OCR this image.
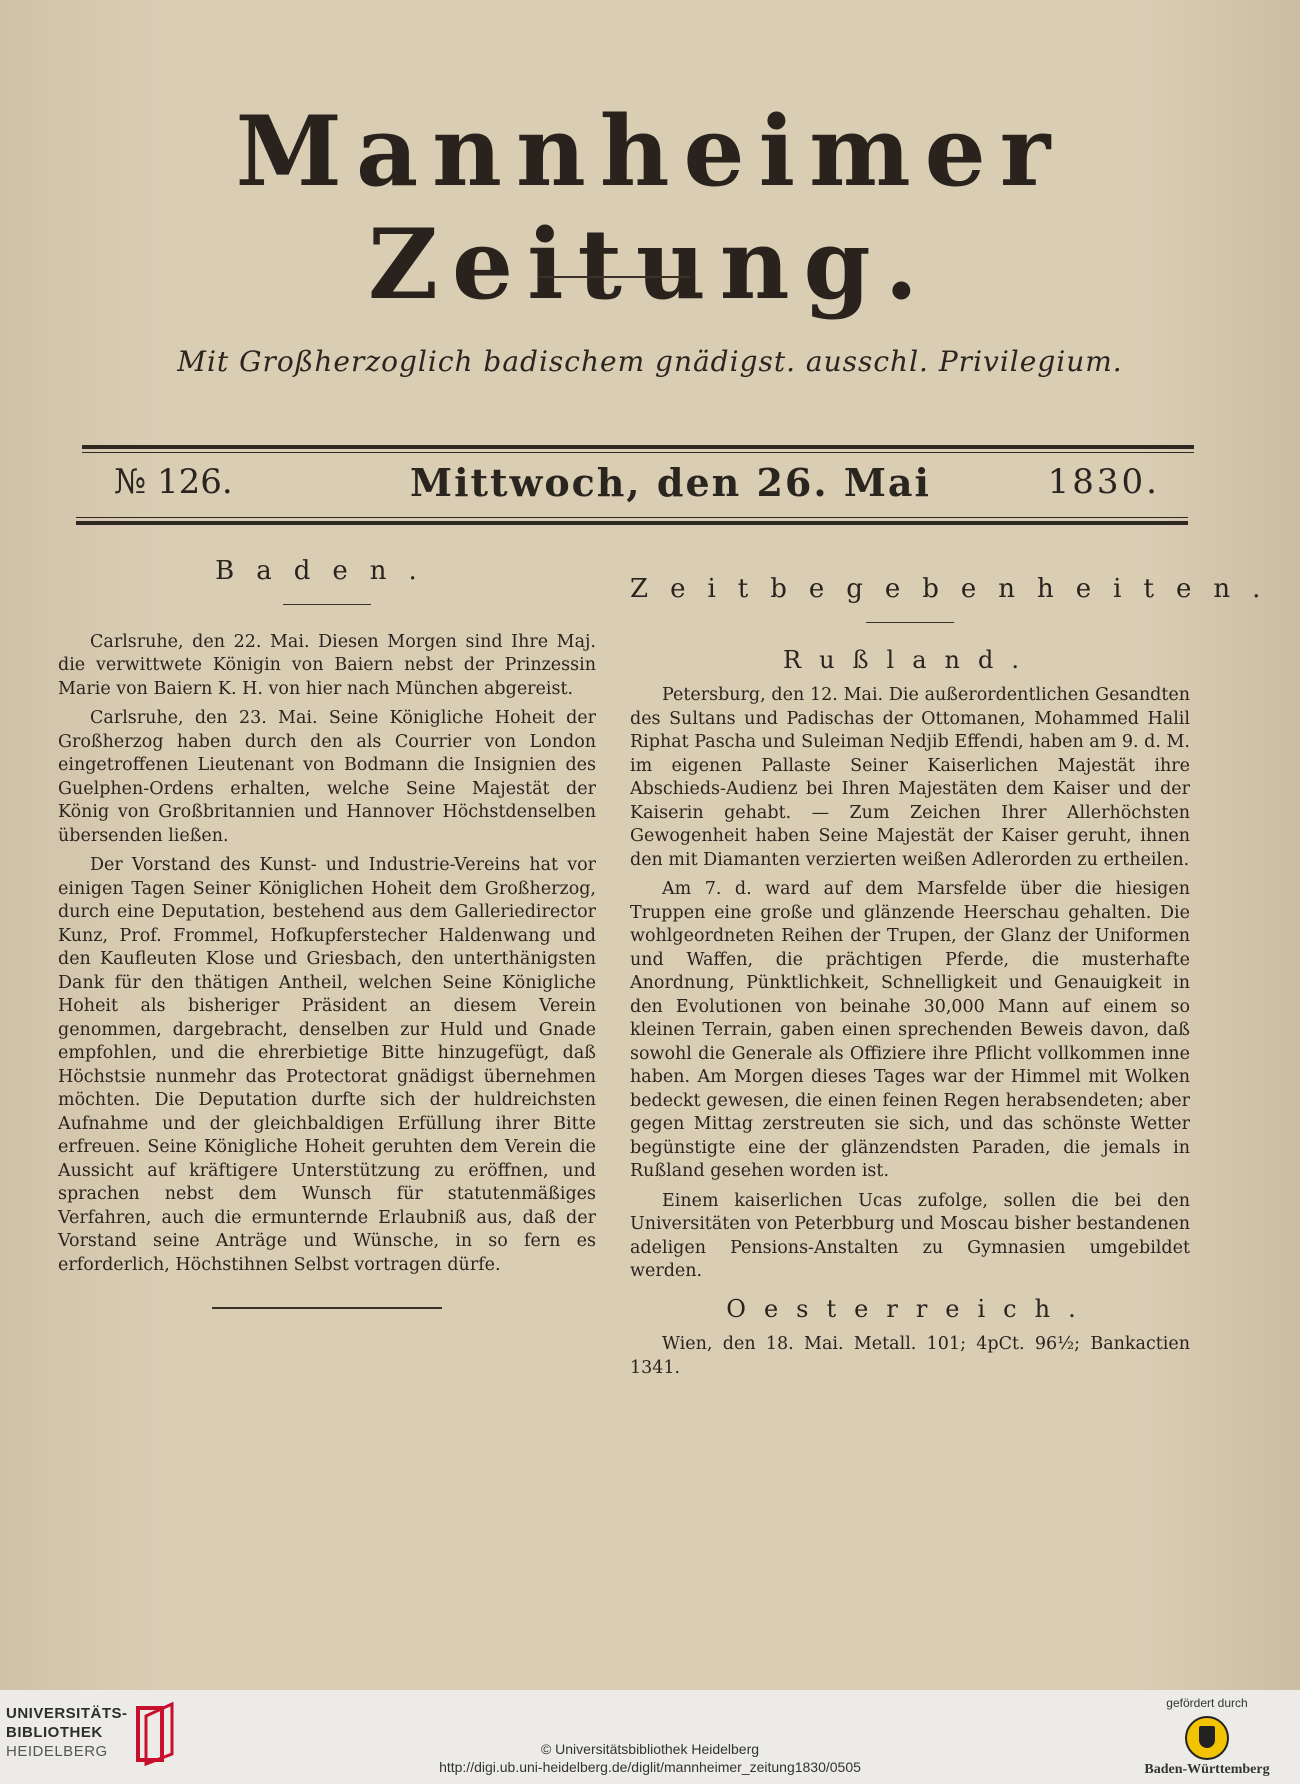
Mannheimer Zeitung.
Mit Großherzoglich badischem gnädigst. ausschl. Privilegium.
№ 126.	Mittwoch, den 26. Mai	1830.
Baden.

Carlsruhe, den 22. Mai. Diesen Morgen sind Ihre Maj. die verwittwete Königin von Baiern nebst der Prinzessin Marie von Baiern K. H. von hier nach München abgereist.

Carlsruhe, den 23. Mai. Seine Königliche Hoheit der Großherzog haben durch den als Courrier von London eingetroffenen Lieutenant von Bodmann die Insignien des Guelphen-Ordens erhalten, welche Seine Majestät der König von Großbritannien und Hannover Höchstdenselben übersenden ließen.

Der Vorstand des Kunst- und Industrie-Vereins hat vor einigen Tagen Seiner Königlichen Hoheit dem Großherzog, durch eine Deputation, bestehend aus dem Galleriedirector Kunz, Prof. Frommel, Hofkupferstecher Haldenwang und den Kaufleuten Klose und Griesbach, den unterthänigsten Dank für den thätigen Antheil, welchen Seine Königliche Hoheit als bisheriger Präsident an diesem Verein genommen, dargebracht, denselben zur Huld und Gnade empfohlen, und die ehrerbietige Bitte hinzugefügt, daß Höchstsie nunmehr das Protectorat gnädigst übernehmen möchten. Die Deputation durfte sich der huldreichsten Aufnahme und der gleichbaldigen Erfüllung ihrer Bitte erfreuen. Seine Königliche Hoheit geruhten dem Verein die Aussicht auf kräftigere Unterstützung zu eröffnen, und sprachen nebst dem Wunsch für statutenmäßiges Verfahren, auch die ermunternde Erlaubniß aus, daß der Vorstand seine Anträge und Wünsche, in so fern es erforderlich, Höchstihnen Selbst vortragen dürfe.

Zeitbegebenheiten.
Rußland.

Petersburg, den 12. Mai. Die außerordentlichen Gesandten des Sultans und Padischas der Ottomanen, Mohammed Halil Riphat Pascha und Suleiman Nedjib Effendi, haben am 9. d. M. im eigenen Pallaste Seiner Kaiserlichen Majestät ihre Abschieds-Audienz bei Ihren Majestäten dem Kaiser und der Kaiserin gehabt. — Zum Zeichen Ihrer Allerhöchsten Gewogenheit haben Seine Majestät der Kaiser geruht, ihnen den mit Diamanten verzierten weißen Adlerorden zu ertheilen.

Am 7. d. ward auf dem Marsfelde über die hiesigen Truppen eine große und glänzende Heerschau gehalten. Die wohlgeordneten Reihen der Trupen, der Glanz der Uniformen und Waffen, die prächtigen Pferde, die musterhafte Anordnung, Pünktlichkeit, Schnelligkeit und Genauigkeit in den Evolutionen von beinahe 30,000 Mann auf einem so kleinen Terrain, gaben einen sprechenden Beweis davon, daß sowohl die Generale als Offiziere ihre Pflicht vollkommen inne haben. Am Morgen dieses Tages war der Himmel mit Wolken bedeckt gewesen, die einen feinen Regen herabsendeten; aber gegen Mittag zerstreuten sie sich, und das schönste Wetter begünstigte eine der glänzendsten Paraden, die jemals in Rußland gesehen worden ist.

Einem kaiserlichen Ucas zufolge, sollen die bei den Universitäten von Peterbburg und Moscau bisher bestandenen adeligen Pensions-Anstalten zu Gymnasien umgebildet werden.

Oesterreich.

Wien, den 18. Mai. Metall. 101; 4pCt. 96½; Bankactien 1341.

UNIVERSITÄTS-
BIBLIOTHEK
HEIDELBERG	© Universitätsbibliothek Heidelberg
http://digi.ub.uni-heidelberg.de/diglit/mannheimer_zeitung1830/0505
gefördert durch
Baden-Württemberg
